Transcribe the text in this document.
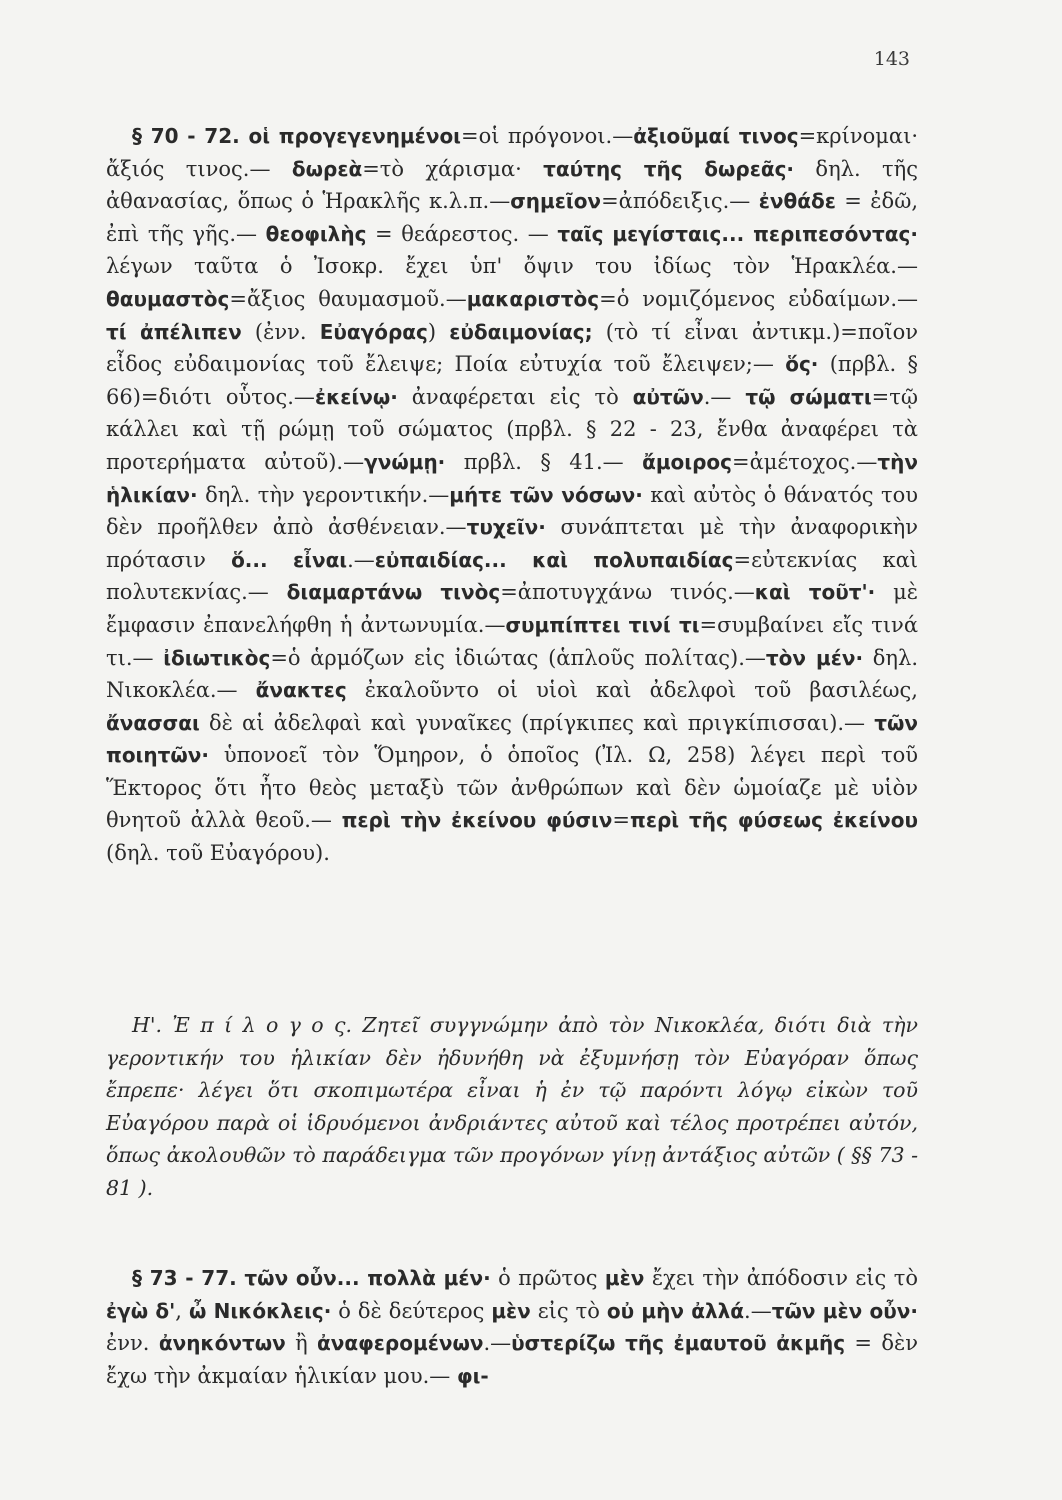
143
§ 70 - 72. οἱ προγεγενημένοι=οἱ πρόγονοι.—ἀξιοῦμαί τινος=κρίνομαι· ἄξιός τινος.— δωρεὰ=τὸ χάρισμα· ταύτης τῆς δωρεᾶς· δηλ. τῆς ἀθανασίας, ὅπως ὁ Ἡρακλῆς κ.λ.π.—σημεῖον=ἀπόδειξις.— ἐνθάδε = ἐδῶ, ἐπὶ τῆς γῆς.— θεοφιλὴς = θεάρεστος. — ταῖς μεγίσταις... περιπεσόντας· λέγων ταῦτα ὁ Ἰσοκρ. ἔχει ὑπ' ὄψιν του ἰδίως τὸν Ἡρακλέα.— θαυμαστὸς=ἄξιος θαυμασμοῦ.—μακαριστὸς=ὁ νομιζόμενος εὐδαίμων.— τί ἀπέλιπεν (ἐνν. Εὐαγόρας) εὐδαιμονίας; (τὸ τί εἶναι ἀντικμ.)=ποῖον εἶδος εὐδαιμονίας τοῦ ἔλειψε; Ποία εὐτυχία τοῦ ἔλειψεν;— ὅς· (πρβλ. § 66)=διότι οὗτος.—ἐκείνῳ· ἀναφέρεται εἰς τὸ αὐτῶν.— τῷ σώματι=τῷ κάλλει καὶ τῇ ρώμῃ τοῦ σώματος (πρβλ. § 22 - 23, ἔνθα ἀναφέρει τὰ προτερήματα αὐτοῦ).—γνώμῃ· πρβλ. § 41.— ἄμοιρος=ἀμέτοχος.—τὴν ἡλικίαν· δηλ. τὴν γεροντικήν.—μήτε τῶν νόσων· καὶ αὐτὸς ὁ θάνατός του δὲν προῆλθεν ἀπὸ ἀσθένειαν.—τυχεῖν· συνάπτεται μὲ τὴν ἀναφορικὴν πρότασιν ὅ... εἶναι.—εὐπαιδίας... καὶ πολυπαιδίας=εὐτεκνίας καὶ πολυτεκνίας.— διαμαρτάνω τινὸς=ἀποτυγχάνω τινός.—καὶ τοῦτ'· μὲ ἔμφασιν ἐπανελήφθη ἡ ἀντωνυμία.—συμπίπτει τινί τι=συμβαίνει εἴς τινά τι.— ἰδιωτικὸς=ὁ ἁρμόζων εἰς ἰδιώτας (ἁπλοῦς πολίτας).—τὸν μέν· δηλ. Νικοκλέα.— ἄνακτες ἐκαλοῦντο οἱ υἱοὶ καὶ ἀδελφοὶ τοῦ βασιλέως, ἄνασσαι δὲ αἱ ἀδελφαὶ καὶ γυναῖκες (πρίγκιπες καὶ πριγκίπισσαι).— τῶν ποιητῶν· ὑπονοεῖ τὸν Ὅμηρον, ὁ ὁποῖος (Ἰλ. Ω, 258) λέγει περὶ τοῦ Ἕκτορος ὅτι ἦτο θεὸς μεταξὺ τῶν ἀνθρώπων καὶ δὲν ὡμοίαζε μὲ υἱὸν θνητοῦ ἀλλὰ θεοῦ.— περὶ τὴν ἐκείνου φύσιν=περὶ τῆς φύσεως ἐκείνου (δηλ. τοῦ Εὐαγόρου).
Η'. Ἐ π ί λ ο γ ο ς. Ζητεῖ συγγνώμην ἀπὸ τὸν Νικοκλέα, διότι διὰ τὴν γεροντικήν του ἡλικίαν δὲν ἠδυνήθη νὰ ἐξυμνήσῃ τὸν Εὐαγόραν ὅπως ἔπρεπε· λέγει ὅτι σκοπιμωτέρα εἶναι ἡ ἐν τῷ παρόντι λόγῳ εἰκὼν τοῦ Εὐαγόρου παρὰ οἱ ἱδρυόμενοι ἀνδριάντες αὐτοῦ καὶ τέλος προτρέπει αὐτόν, ὅπως ἀκολουθῶν τὸ παράδειγμα τῶν προγόνων γίνῃ ἀντάξιος αὐτῶν ( §§ 73 - 81 ).
§ 73 - 77. τῶν οὖν... πολλὰ μέν· ὁ πρῶτος μὲν ἔχει τὴν ἀπόδοσιν εἰς τὸ ἐγὼ δ', ὦ Νικόκλεις· ὁ δὲ δεύτερος μὲν εἰς τὸ οὐ μὴν ἀλλά.—τῶν μὲν οὖν· ἐνν. ἀνηκόντων ἢ ἀναφερομένων.—ὑστερίζω τῆς ἐμαυτοῦ ἀκμῆς = δὲν ἔχω τὴν ἀκμαίαν ἡλικίαν μου.— φι-
